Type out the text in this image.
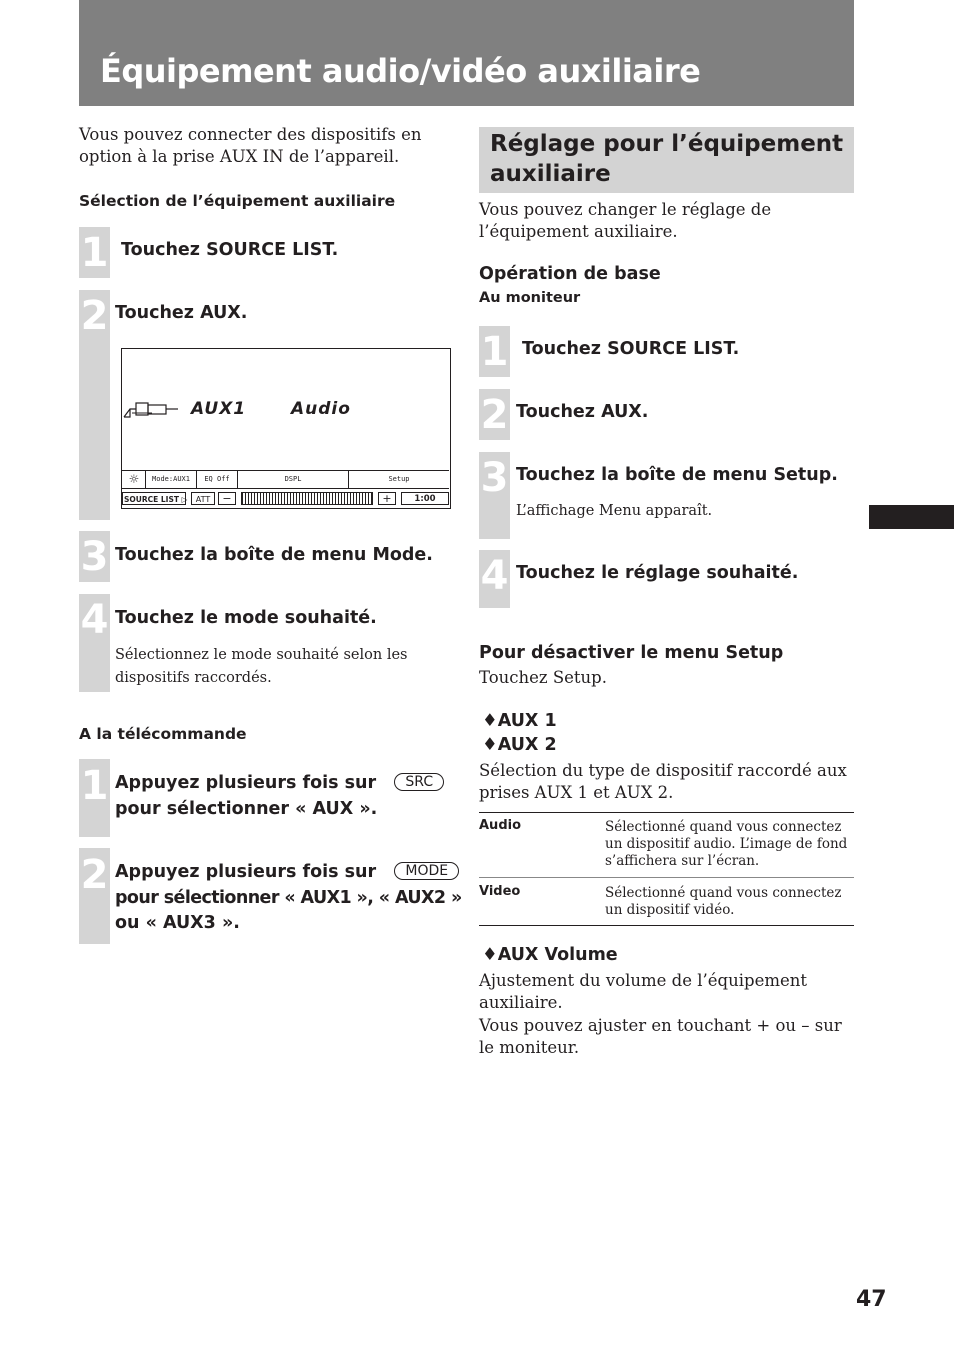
Équipement audio/vidéo auxiliaire
Vous pouvez connecter des dispositifs en option à la prise AUX IN de l’appareil.
Sélection de l’équipement auxiliaire
1 Touchez SOURCE LIST.
2 Touchez AUX.
AUX1	Audio
☼	Mode:AUX1	EQ Off	DSPL	Setup
SOURCE LIST ▷	ATT	−	+	1:00
3 Touchez la boîte de menu Mode.
4 Touchez le mode souhaité.
Sélectionnez le mode souhaité selon les dispositifs raccordés.
A la télécommande
1 Appuyez plusieurs fois sur SRC
pour sélectionner « AUX ».
2 Appuyez plusieurs fois sur MODE
pour sélectionner « AUX1 », « AUX2 »
ou « AUX3 ».
Réglage pour l’équipement
auxiliaire
Vous pouvez changer le réglage de l’équipement auxiliaire.
Opération de base
Au moniteur
1 Touchez SOURCE LIST.
2 Touchez AUX.
3 Touchez la boîte de menu Setup.
L’affichage Menu apparaît.
4 Touchez le réglage souhaité.
Pour désactiver le menu Setup
Touchez Setup.
♦AUX 1
♦AUX 2
Sélection du type de dispositif raccordé aux prises AUX 1 et AUX 2.
Audio	Sélectionné quand vous connectez un dispositif audio. L’image de fond s’affichera sur l’écran.
Video	Sélectionné quand vous connectez un dispositif vidéo.
♦AUX Volume
Ajustement du volume de l’équipement auxiliaire.
Vous pouvez ajuster en touchant + ou – sur le moniteur.
47
